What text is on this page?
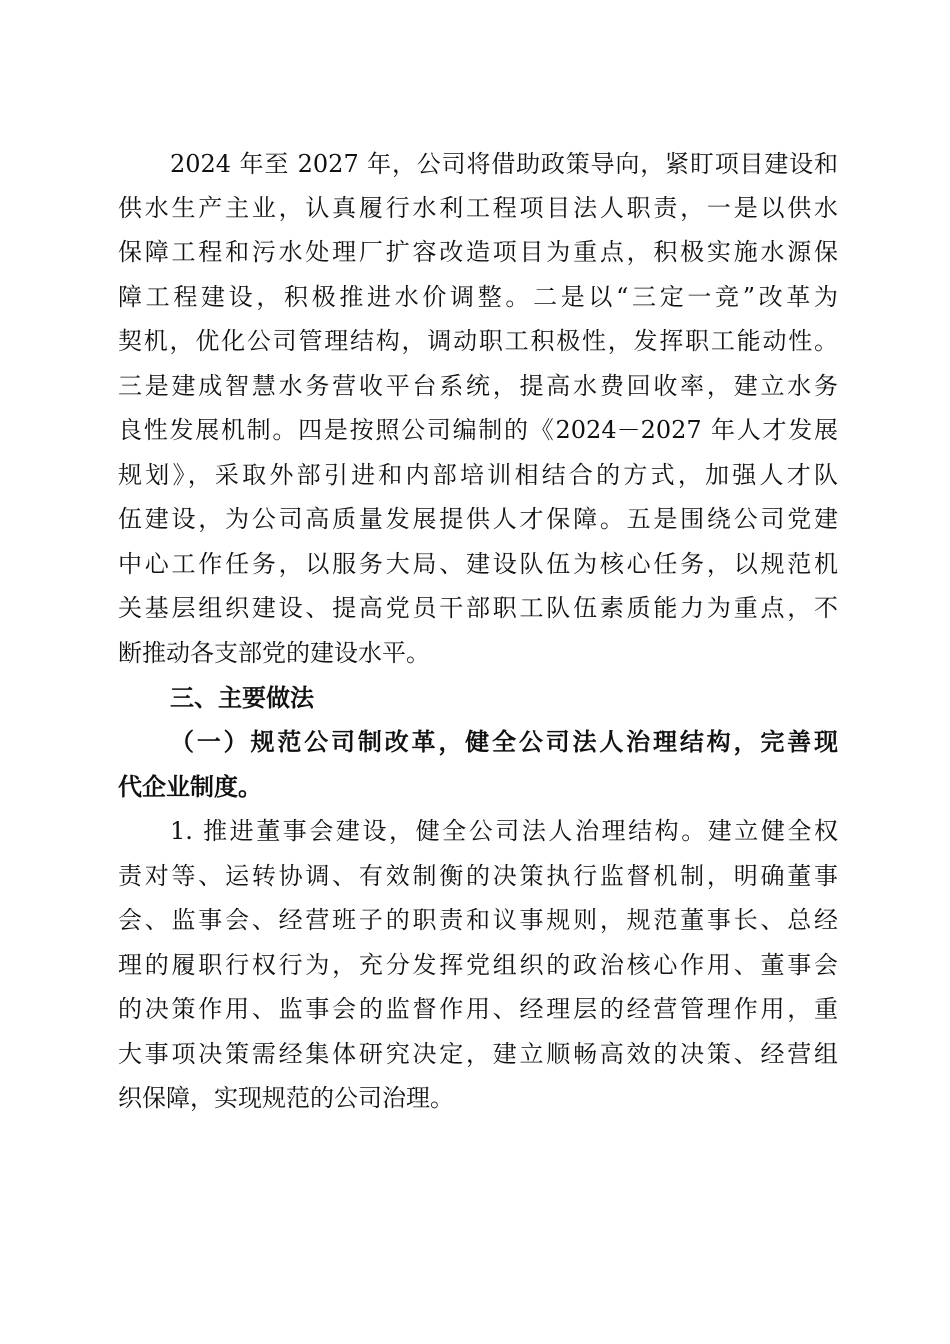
2024 年至 2027 年，公司将借助政策导向，紧盯项目建设和
供水生产主业，认真履行水利工程项目法人职责，一是以供水
保障工程和污水处理厂扩容改造项目为重点，积极实施水源保
障工程建设，积极推进水价调整。二是以“三定一竞”改革为
契机，优化公司管理结构，调动职工积极性，发挥职工能动性。
三是建成智慧水务营收平台系统，提高水费回收率，建立水务
良性发展机制。四是按照公司编制的《2024－2027 年人才发展
规划》，采取外部引进和内部培训相结合的方式，加强人才队
伍建设，为公司高质量发展提供人才保障。五是围绕公司党建
中心工作任务，以服务大局、建设队伍为核心任务，以规范机
关基层组织建设、提高党员干部职工队伍素质能力为重点，不
断推动各支部党的建设水平。
三、主要做法
（一）规范公司制改革，健全公司法人治理结构，完善现
代企业制度。
1. 推进董事会建设，健全公司法人治理结构。建立健全权
责对等、运转协调、有效制衡的决策执行监督机制，明确董事
会、监事会、经营班子的职责和议事规则，规范董事长、总经
理的履职行权行为，充分发挥党组织的政治核心作用、董事会
的决策作用、监事会的监督作用、经理层的经营管理作用，重
大事项决策需经集体研究决定，建立顺畅高效的决策、经营组
织保障，实现规范的公司治理。
